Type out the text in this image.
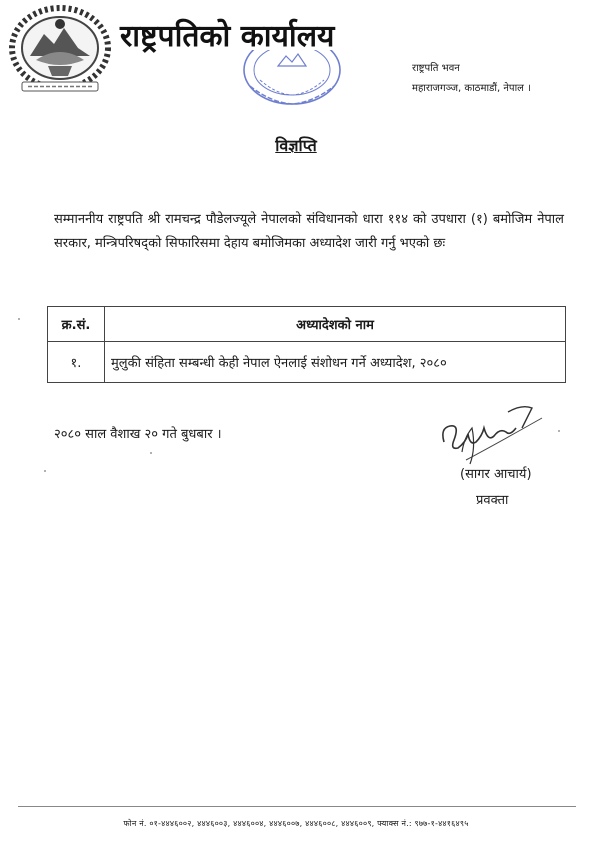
राष्ट्रपतिको कार्यालय
राष्ट्रपति भवन
महाराजगञ्ज, काठमाडौं, नेपाल ।
विज्ञप्ति
सम्माननीय राष्ट्रपति श्री रामचन्द्र पौडेलज्यूले नेपालको संविधानको धारा ११४ को उपधारा (१) बमोजिम नेपाल सरकार, मन्त्रिपरिषद्को सिफारिसमा देहाय बमोजिमका अध्यादेश जारी गर्नु भएको छः
क्र.सं.	अध्यादेशको नाम
१.	मुलुकी संहिता सम्बन्धी केही नेपाल ऐनलाई संशोधन गर्ने अध्यादेश, २०८०
२०८० साल वैशाख २० गते बुधबार ।
(सागर आचार्य)
प्रवक्ता
फोन नं. ०१-४४४६००२, ४४४६००३, ४४४६००४, ४४४६००७, ४४४६००८, ४४४६००९, फ्याक्स नं.: ९७७-१-४४१६४९५
